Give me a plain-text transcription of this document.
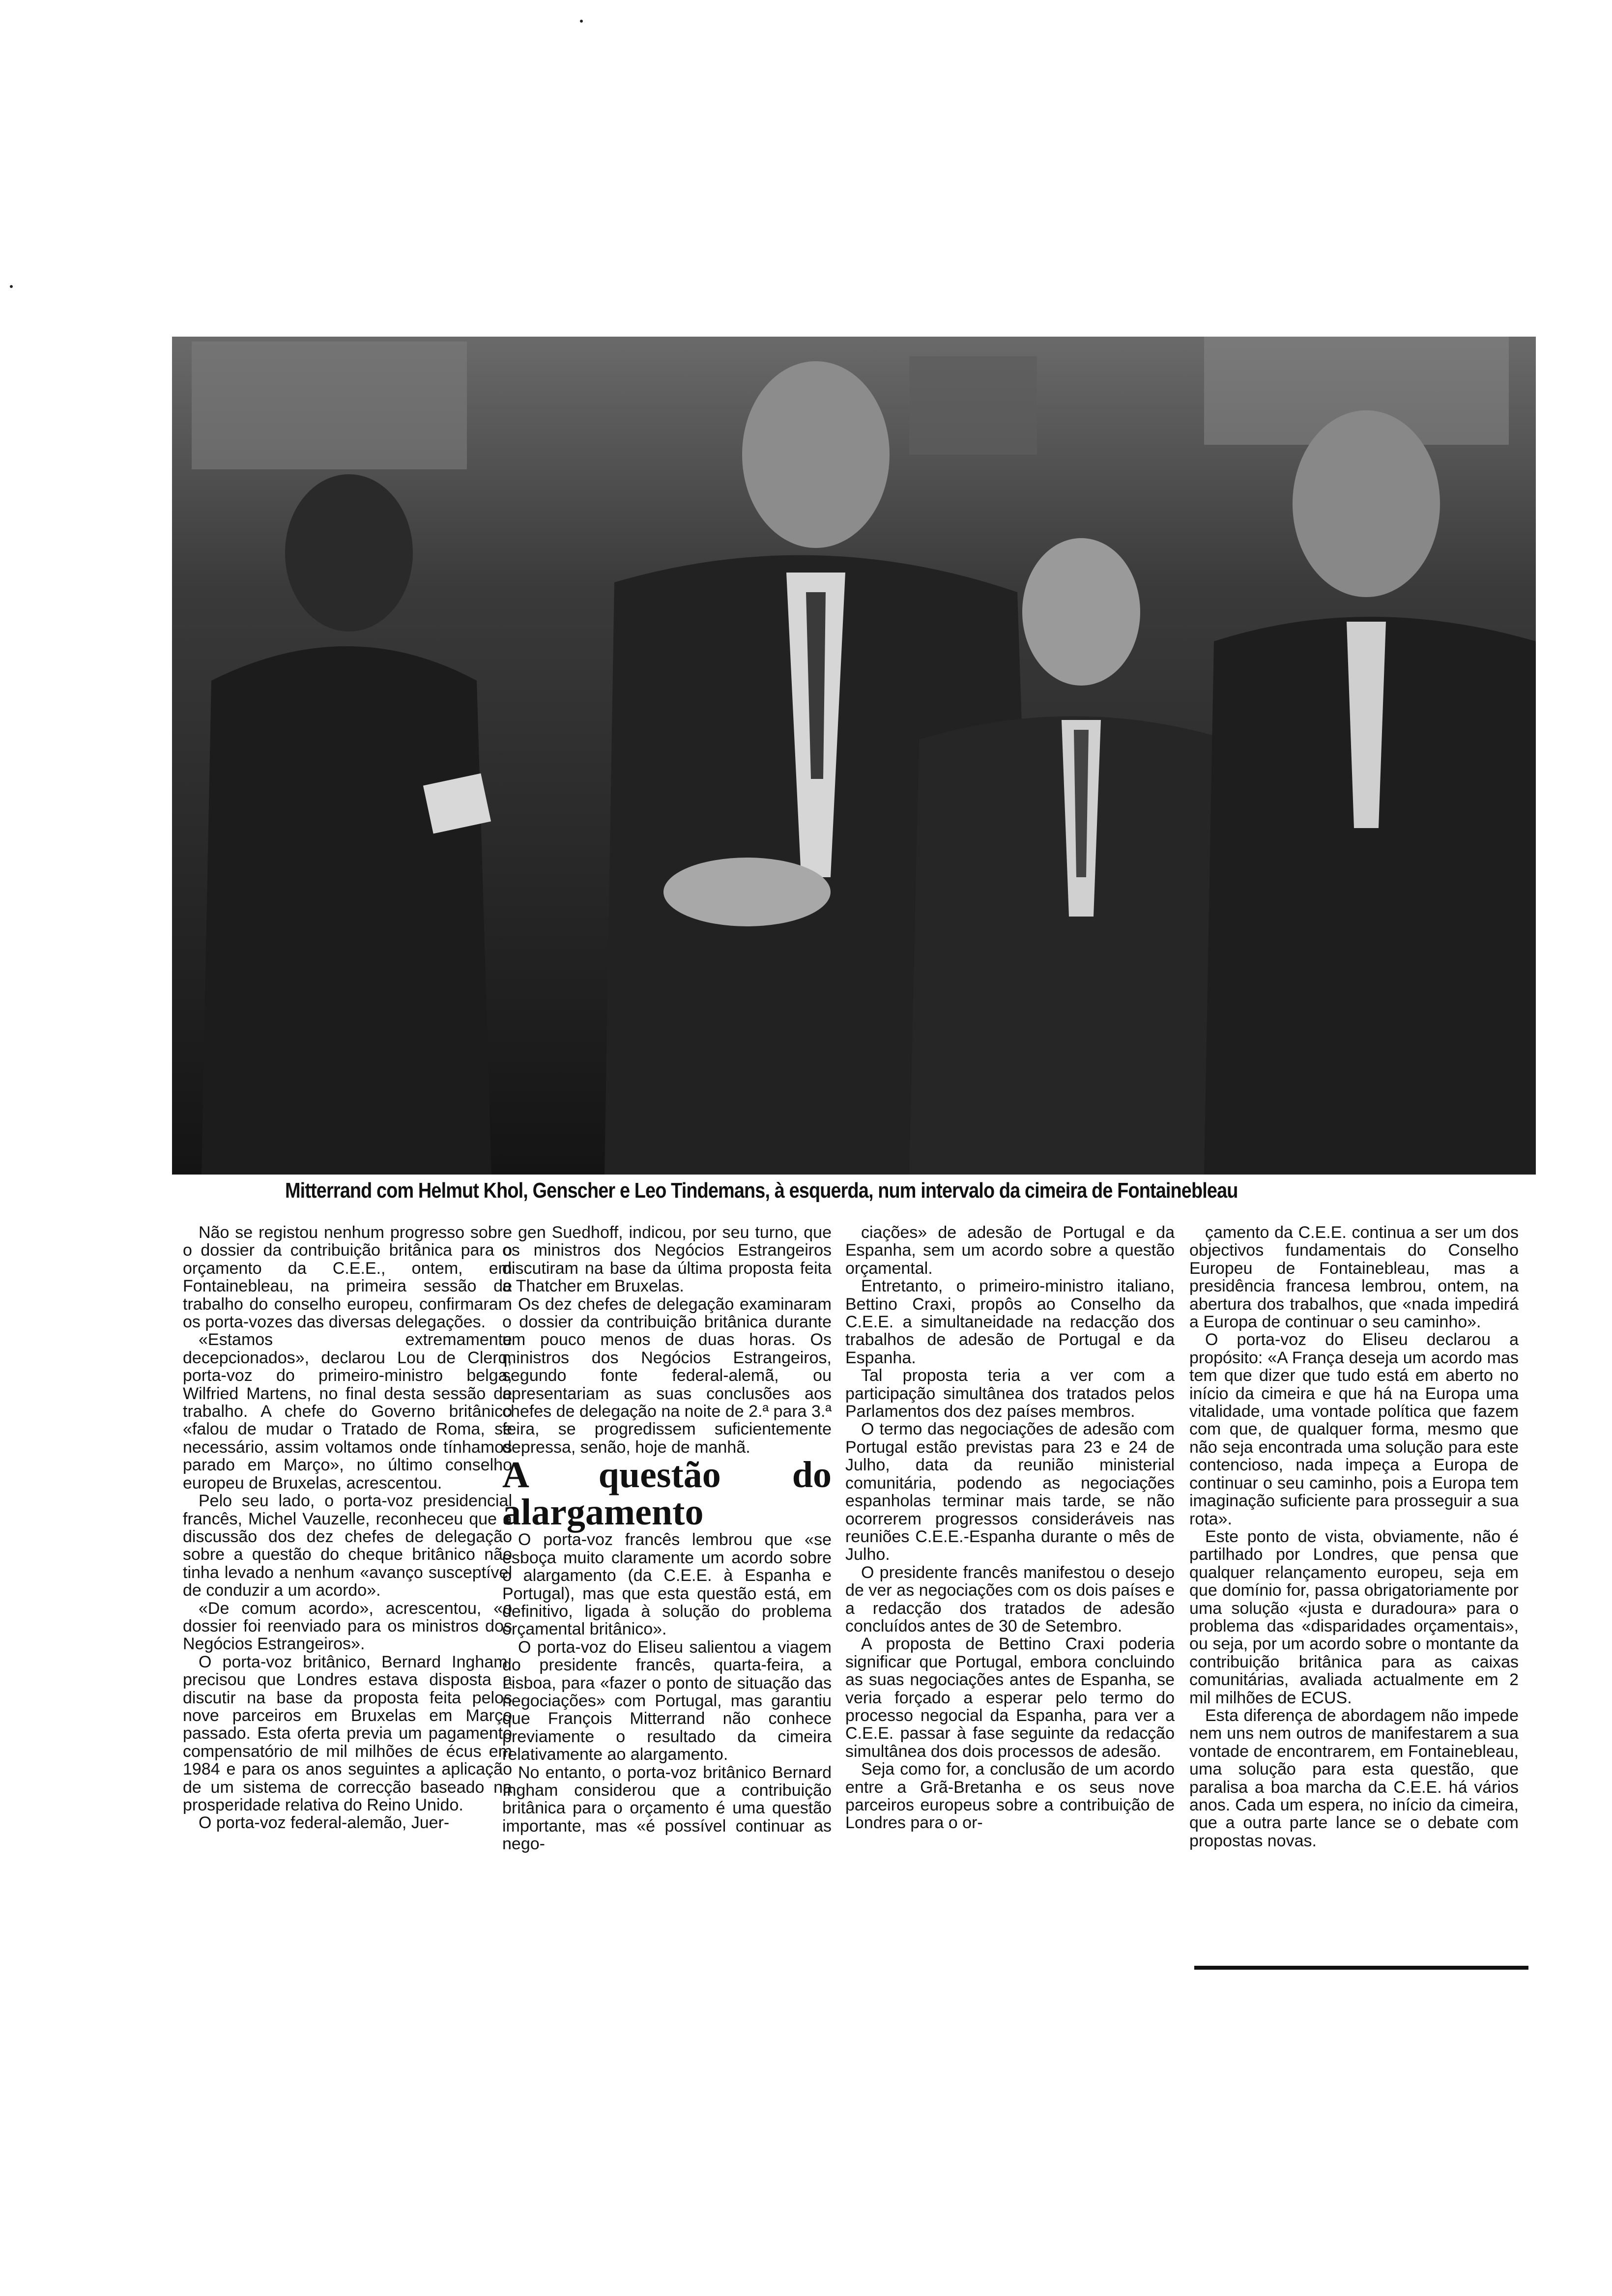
Mitterrand com Helmut Khol, Genscher e Leo Tindemans, à esquerda, num intervalo da cimeira de Fontainebleau

Não se registou nenhum progresso sobre o dossier da contribuição britânica para o orçamento da C.E.E., ontem, em Fontainebleau, na primeira sessão de trabalho do conselho europeu, confirmaram os porta-vozes das diversas delegações.

«Estamos extremamente decepcionados», declarou Lou de Clerq, porta-voz do primeiro-ministro belga, Wilfried Martens, no final desta sessão de trabalho. A chefe do Governo britânico «falou de mudar o Tratado de Roma, se necessário, assim voltamos onde tínhamos parado em Março», no último conselho europeu de Bruxelas, acrescentou.

Pelo seu lado, o porta-voz presidencial francês, Michel Vauzelle, reconheceu que a discussão dos dez chefes de delegação sobre a questão do cheque britânico não tinha levado a nenhum «avanço susceptível de conduzir a um acordo».

«De comum acordo», acrescentou, «o dossier foi reenviado para os ministros dos Negócios Estrangeiros».

O porta-voz britânico, Bernard Ingham, precisou que Londres estava disposta a discutir na base da proposta feita pelos nove parceiros em Bruxelas em Março passado. Esta oferta previa um pagamento compensatório de mil milhões de écus em 1984 e para os anos seguintes a aplicação de um sistema de correcção baseado na prosperidade relativa do Reino Unido.

O porta-voz federal-alemão, Juer-

gen Suedhoff, indicou, por seu turno, que os ministros dos Negócios Estrangeiros discutiram na base da última proposta feita a Thatcher em Bruxelas.

Os dez chefes de delegação examinaram o dossier da contribuição britânica durante um pouco menos de duas horas. Os ministros dos Negócios Estrangeiros, segundo fonte federal-alemã, ou apresentariam as suas conclusões aos chefes de delegação na noite de 2.ª para 3.ª feira, se progredissem suficientemente depressa, senão, hoje de manhã.

A questão do alargamento

O porta-voz francês lembrou que «se esboça muito claramente um acordo sobre o alargamento (da C.E.E. à Espanha e Portugal), mas que esta questão está, em definitivo, ligada à solução do problema orçamental britânico».

O porta-voz do Eliseu salientou a viagem do presidente francês, quarta-feira, a Lisboa, para «fazer o ponto de situação das negociações» com Portugal, mas garantiu que François Mitterrand não conhece previamente o resultado da cimeira relativamente ao alargamento.

No entanto, o porta-voz britânico Bernard Ingham considerou que a contribuição britânica para o orçamento é uma questão importante, mas «é possível continuar as nego-

ciações» de adesão de Portugal e da Espanha, sem um acordo sobre a questão orçamental.

Entretanto, o primeiro-ministro italiano, Bettino Craxi, propôs ao Conselho da C.E.E. a simultaneidade na redacção dos trabalhos de adesão de Portugal e da Espanha.

Tal proposta teria a ver com a participação simultânea dos tratados pelos Parlamentos dos dez países membros.

O termo das negociações de adesão com Portugal estão previstas para 23 e 24 de Julho, data da reunião ministerial comunitária, podendo as negociações espanholas terminar mais tarde, se não ocorrerem progressos consideráveis nas reuniões C.E.E.-Espanha durante o mês de Julho.

O presidente francês manifestou o desejo de ver as negociações com os dois países e a redacção dos tratados de adesão concluídos antes de 30 de Setembro.

A proposta de Bettino Craxi poderia significar que Portugal, embora concluindo as suas negociações antes de Espanha, se veria forçado a esperar pelo termo do processo negocial da Espanha, para ver a C.E.E. passar à fase seguinte da redacção simultânea dos dois processos de adesão.

Seja como for, a conclusão de um acordo entre a Grã-Bretanha e os seus nove parceiros europeus sobre a contribuição de Londres para o or-

çamento da C.E.E. continua a ser um dos objectivos fundamentais do Conselho Europeu de Fontainebleau, mas a presidência francesa lembrou, ontem, na abertura dos trabalhos, que «nada impedirá a Europa de continuar o seu caminho».

O porta-voz do Eliseu declarou a propósito: «A França deseja um acordo mas tem que dizer que tudo está em aberto no início da cimeira e que há na Europa uma vitalidade, uma vontade política que fazem com que, de qualquer forma, mesmo que não seja encontrada uma solução para este contencioso, nada impeça a Europa de continuar o seu caminho, pois a Europa tem imaginação suficiente para prosseguir a sua rota».

Este ponto de vista, obviamente, não é partilhado por Londres, que pensa que qualquer relançamento europeu, seja em que domínio for, passa obrigatoriamente por uma solução «justa e duradoura» para o problema das «disparidades orçamentais», ou seja, por um acordo sobre o montante da contribuição britânica para as caixas comunitárias, avaliada actualmente em 2 mil milhões de ECUS.

Esta diferença de abordagem não impede nem uns nem outros de manifestarem a sua vontade de encontrarem, em Fontainebleau, uma solução para esta questão, que paralisa a boa marcha da C.E.E. há vários anos. Cada um espera, no início da cimeira, que a outra parte lance se o debate com propostas novas.
